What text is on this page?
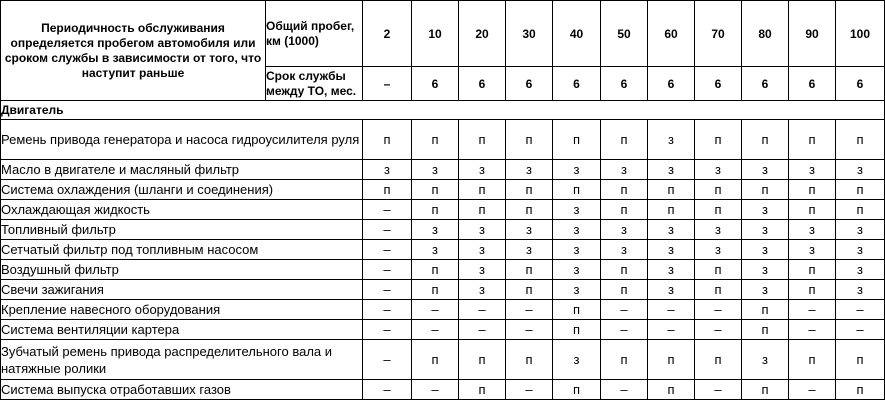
Периодичность обслуживания определяется пробегом автомобиля или сроком службы в зависимости от того, что наступит раньше	Общий пробег, км (1000)	2	10	20	30	40	50	60	70	80	90	100
	Срок службы между ТО, мес.	–	6	6	6	6	6	6	6	6	6	6
Двигатель												
Ремень привода генератора и насоса гидроусилителя руля		п	п	п	п	п	п	з	п	п	п	п
Масло в двигателе и масляный фильтр		з	з	з	з	з	з	з	з	з	з	з
Система охлаждения (шланги и соединения)		п	п	п	п	п	п	п	п	п	п	п
Охлаждающая жидкость		–	п	п	п	з	п	п	п	з	п	п
Топливный фильтр		–	з	з	з	з	з	з	з	з	з	з
Сетчатый фильтр под топливным насосом		–	з	з	з	з	з	з	з	з	з	з
Воздушный фильтр		–	п	з	п	з	п	з	п	з	п	з
Свечи зажигания		–	п	з	п	з	п	з	п	з	п	з
Крепление навесного оборудования		–	–	–	–	п	–	–	–	п	–	–
Система вентиляции картера		–	–	–	–	п	–	–	–	п	–	–
Зубчатый ремень привода распределительного вала и натяжные ролики		–	п	п	п	з	п	п	п	з	п	п
Система выпуска отработавших газов		–	–	п	–	п	–	п	–	п	–	п
